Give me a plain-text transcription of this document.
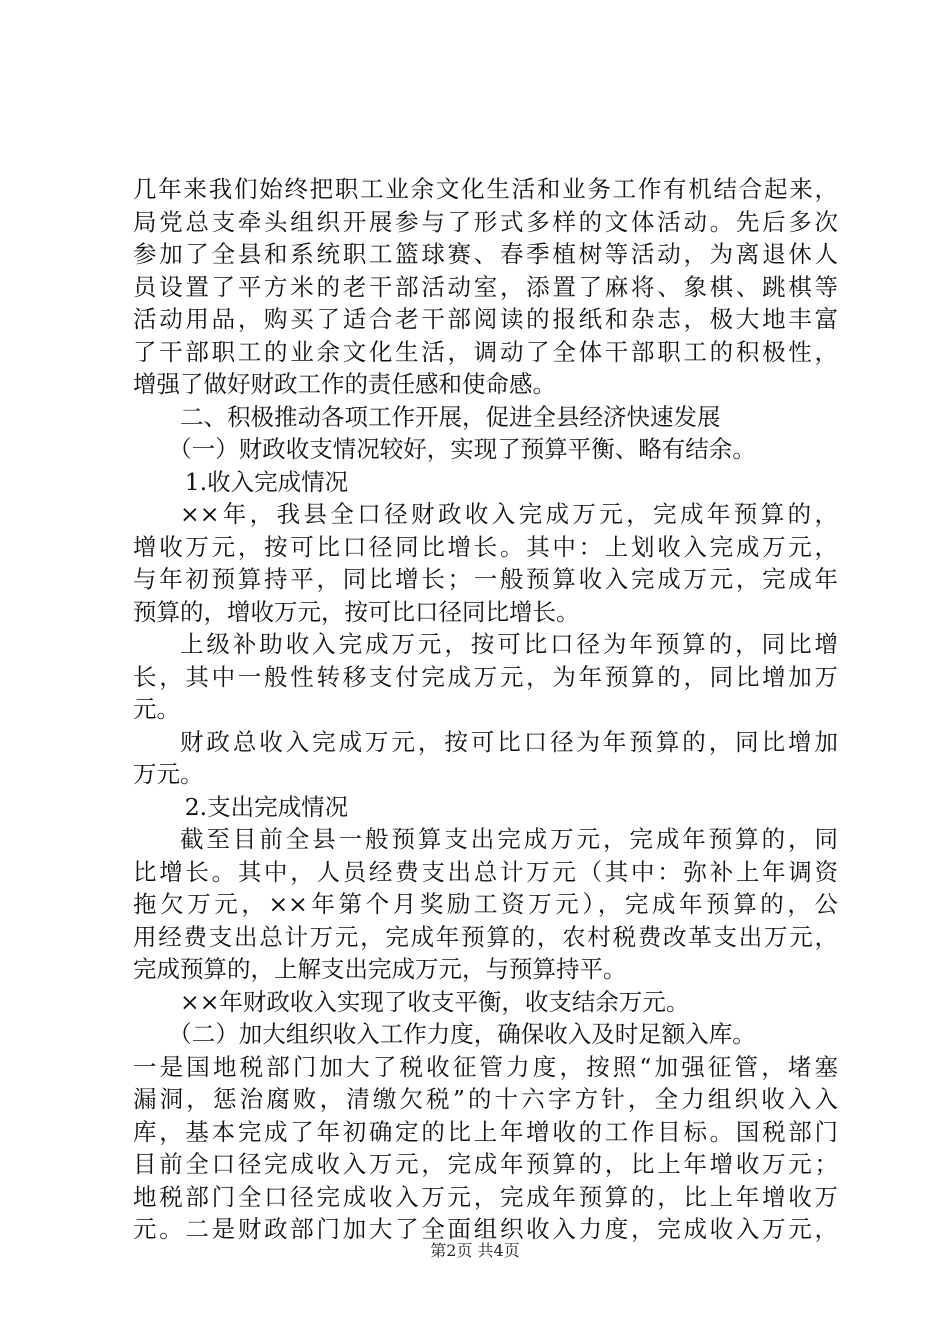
几年来我们始终把职工业余文化生活和业务工作有机结合起来，
局党总支牵头组织开展参与了形式多样的文体活动。先后多次
参加了全县和系统职工篮球赛、春季植树等活动，为离退休人
员设置了平方米的老干部活动室，添置了麻将、象棋、跳棋等
活动用品，购买了适合老干部阅读的报纸和杂志，极大地丰富
了干部职工的业余文化生活，调动了全体干部职工的积极性，
增强了做好财政工作的责任感和使命感。
二、积极推动各项工作开展，促进全县经济快速发展
（一）财政收支情况较好，实现了预算平衡、略有结余。
1.收入完成情况
××年，我县全口径财政收入完成万元，完成年预算的，
增收万元，按可比口径同比增长。其中：上划收入完成万元，
与年初预算持平，同比增长；一般预算收入完成万元，完成年
预算的，增收万元，按可比口径同比增长。
上级补助收入完成万元，按可比口径为年预算的，同比增
长，其中一般性转移支付完成万元，为年预算的，同比增加万
元。
财政总收入完成万元，按可比口径为年预算的，同比增加
万元。
2.支出完成情况
截至目前全县一般预算支出完成万元，完成年预算的，同
比增长。其中，人员经费支出总计万元（其中：弥补上年调资
拖欠万元，××年第个月奖励工资万元），完成年预算的，公
用经费支出总计万元，完成年预算的，农村税费改革支出万元，
完成预算的，上解支出完成万元，与预算持平。
××年财政收入实现了收支平衡，收支结余万元。
（二）加大组织收入工作力度，确保收入及时足额入库。
一是国地税部门加大了税收征管力度，按照“加强征管，堵塞
漏洞，惩治腐败，清缴欠税”的十六字方针，全力组织收入入
库，基本完成了年初确定的比上年增收的工作目标。国税部门
目前全口径完成收入万元，完成年预算的，比上年增收万元；
地税部门全口径完成收入万元，完成年预算的，比上年增收万
元。二是财政部门加大了全面组织收入力度，完成收入万元，
第2页 共4页
